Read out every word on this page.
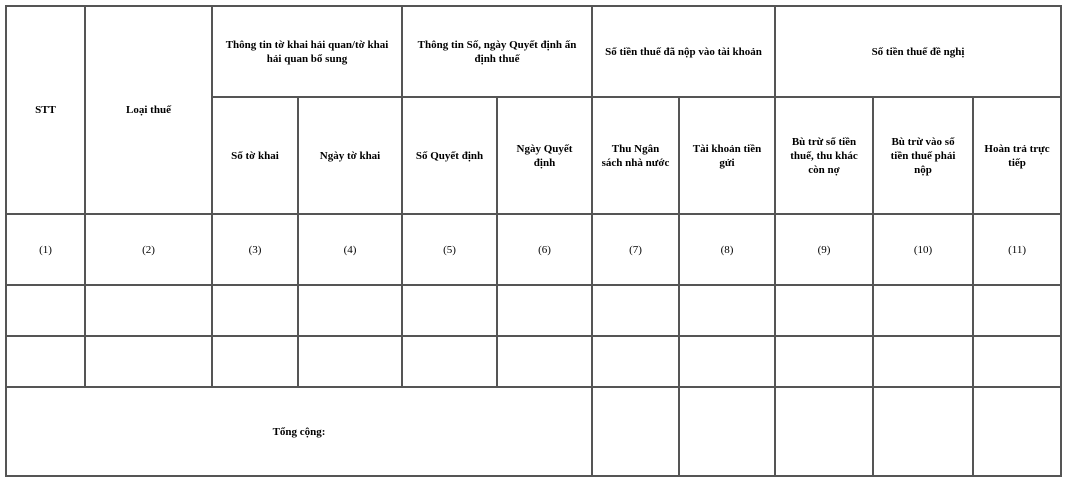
STT	Loại thuế	Thông tin tờ khai hải quan/tờ khai hải quan bổ sung		Thông tin Số, ngày Quyết định ấn định thuế		Số tiền thuế đã nộp vào tài khoản		Số tiền thuế đề nghị		
		Số tờ khai	Ngày tờ khai	Số Quyết định	Ngày Quyết định	Thu Ngân sách nhà nước	Tài khoản tiền gửi	Bù trừ số tiền thuế, thu khác còn nợ	Bù trừ vào số tiền thuế phải nộp	Hoàn trả trực tiếp
(1)	(2)	(3)	(4)	(5)	(6)	(7)	(8)	(9)	(10)	(11)

Tổng cộng:										
